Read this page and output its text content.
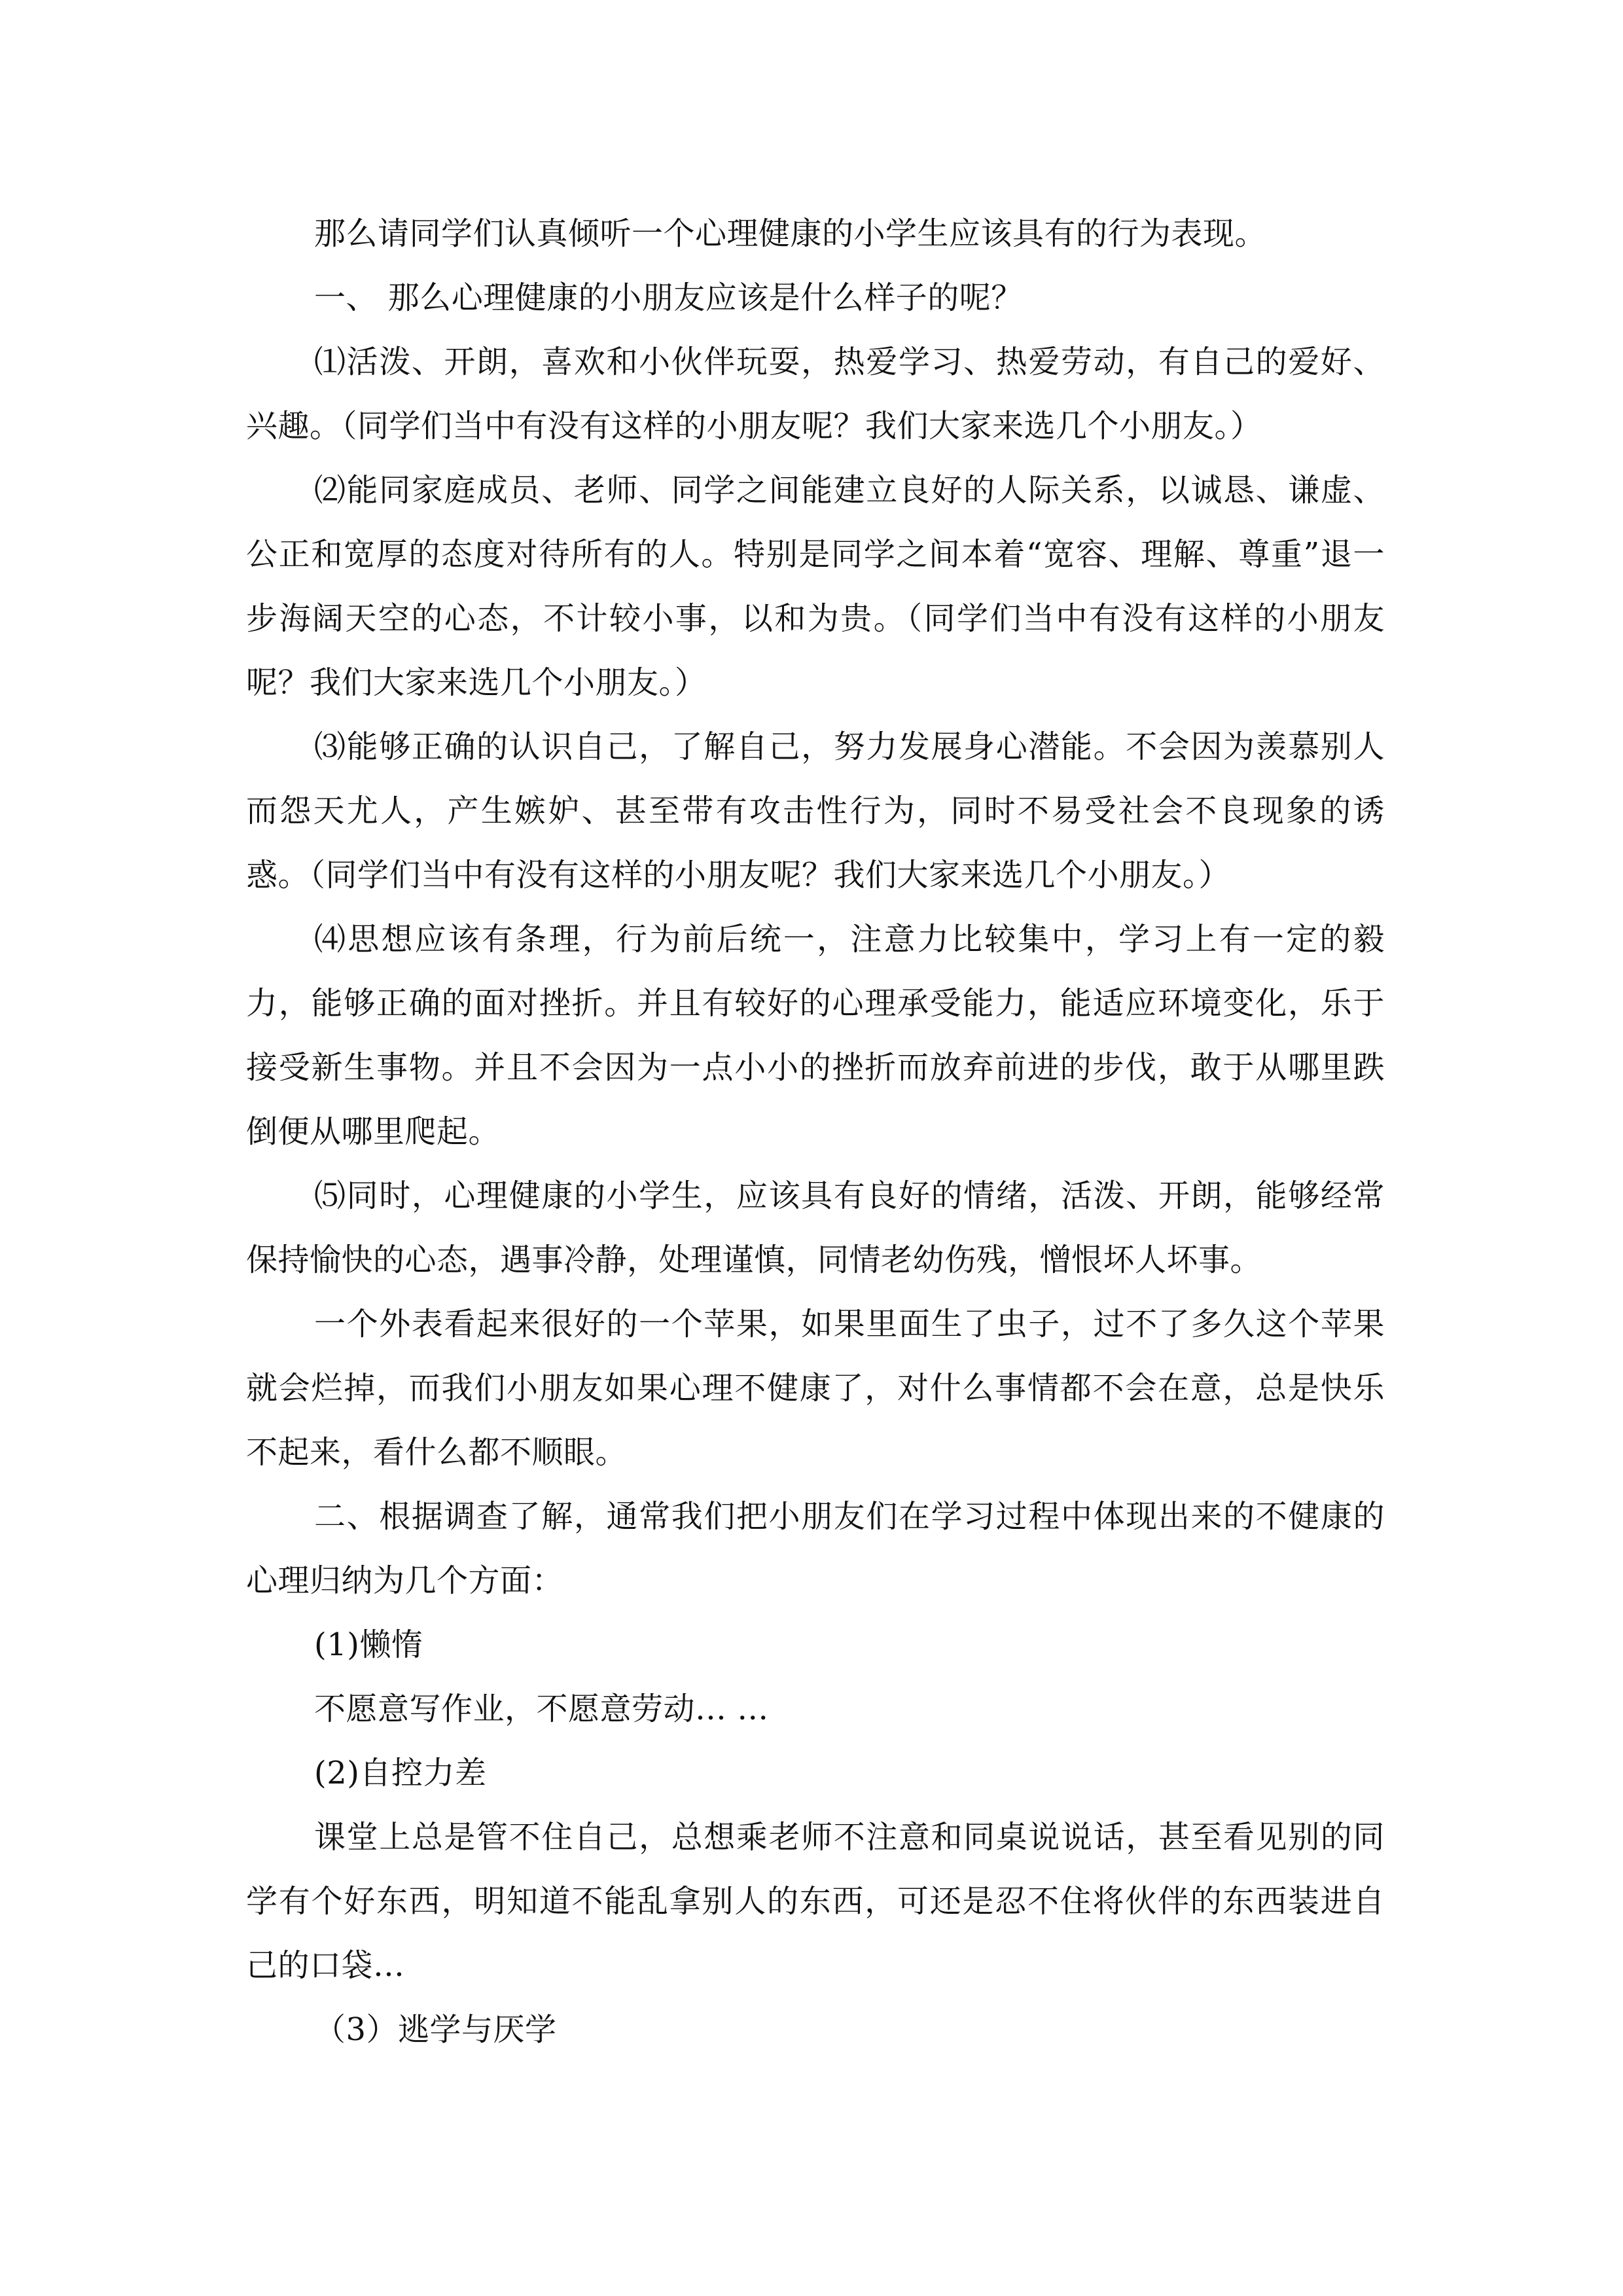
那么请同学们认真倾听一个心理健康的小学生应该具有的行为表现。

一、 那么心理健康的小朋友应该是什么样子的呢？

⑴活泼、开朗，喜欢和小伙伴玩耍，热爱学习、热爱劳动，有自己的爱好、兴趣。（同学们当中有没有这样的小朋友呢？我们大家来选几个小朋友。）

⑵能同家庭成员、老师、同学之间能建立良好的人际关系，以诚恳、谦虚、公正和宽厚的态度对待所有的人。特别是同学之间本着“宽容、理解、尊重”退一步海阔天空的心态，不计较小事，以和为贵。（同学们当中有没有这样的小朋友呢？我们大家来选几个小朋友。）

⑶能够正确的认识自己，了解自己，努力发展身心潜能。不会因为羡慕别人而怨天尤人，产生嫉妒、甚至带有攻击性行为，同时不易受社会不良现象的诱惑。（同学们当中有没有这样的小朋友呢？我们大家来选几个小朋友。）

⑷思想应该有条理，行为前后统一，注意力比较集中，学习上有一定的毅力，能够正确的面对挫折。并且有较好的心理承受能力，能适应环境变化，乐于接受新生事物。并且不会因为一点小小的挫折而放弃前进的步伐，敢于从哪里跌倒便从哪里爬起。

⑸同时，心理健康的小学生，应该具有良好的情绪，活泼、开朗，能够经常保持愉快的心态，遇事冷静，处理谨慎，同情老幼伤残，憎恨坏人坏事。

一个外表看起来很好的一个苹果，如果里面生了虫子，过不了多久这个苹果就会烂掉，而我们小朋友如果心理不健康了，对什么事情都不会在意，总是快乐不起来，看什么都不顺眼。

二、根据调查了解，通常我们把小朋友们在学习过程中体现出来的不健康的心理归纳为几个方面：

(1)懒惰

不愿意写作业，不愿意劳动… …

(2)自控力差

课堂上总是管不住自己，总想乘老师不注意和同桌说说话，甚至看见别的同学有个好东西，明知道不能乱拿别人的东西，可还是忍不住将伙伴的东西装进自己的口袋…

（3）逃学与厌学
